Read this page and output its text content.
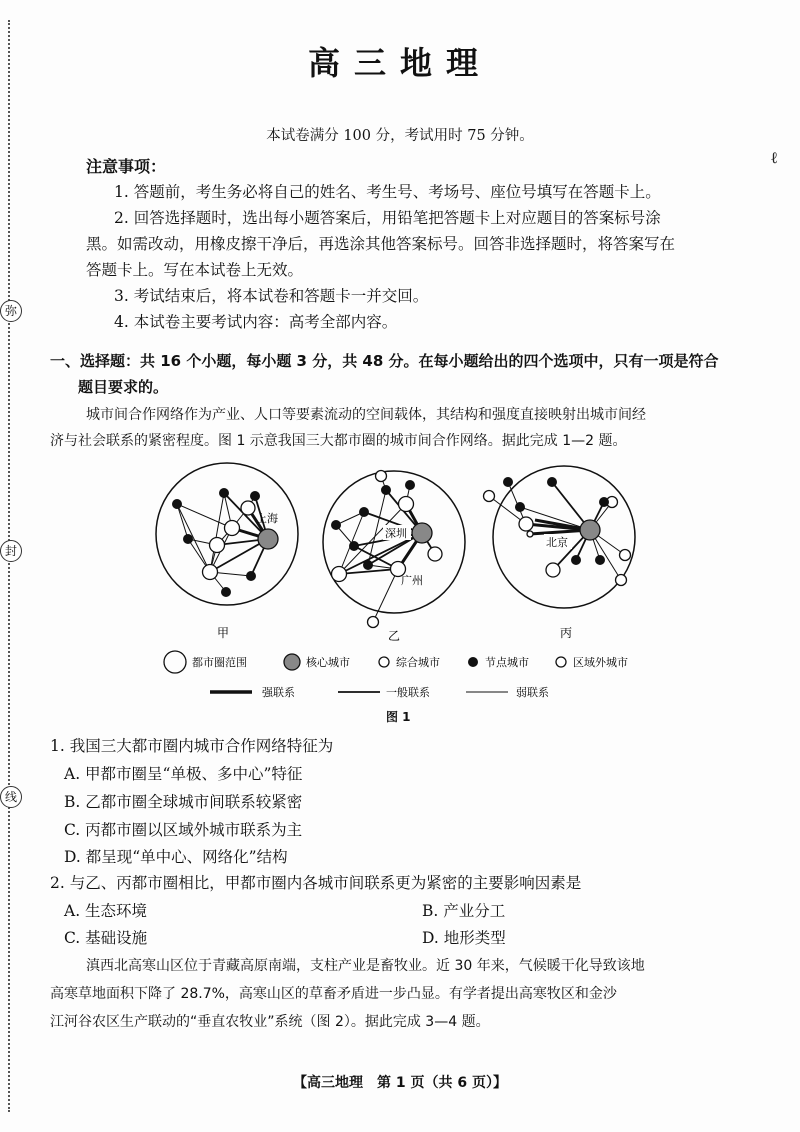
弥
封
线
高三地理
本试卷满分 100 分，考试用时 75 分钟。
ℓ
注意事项：
1. 答题前，考生务必将自己的姓名、考生号、考场号、座位号填写在答题卡上。
2. 回答选择题时，选出每小题答案后，用铅笔把答题卡上对应题目的答案标号涂
黑。如需改动，用橡皮擦干净后，再选涂其他答案标号。回答非选择题时，将答案写在
答题卡上。写在本试卷上无效。
3. 考试结束后，将本试卷和答题卡一并交回。
4. 本试卷主要考试内容：高考全部内容。
一、选择题：共 16 个小题，每小题 3 分，共 48 分。在每小题给出的四个选项中，只有一项是符合
题目要求的。
城市间合作网络作为产业、人口等要素流动的空间载体，其结构和强度直接映射出城市间经
济与社会联系的紧密程度。图 1 示意我国三大都市圈的城市间合作网络。据此完成 1—2 题。
上海
甲
深圳
广州
乙
北京
丙
都市圈范围	核心城市	综合城市	节点城市	区域外城市
强联系	一般联系	弱联系
图 1
1. 我国三大都市圈内城市合作网络特征为
A. 甲都市圈呈“单极、多中心”特征
B. 乙都市圈全球城市间联系较紧密
C. 丙都市圈以区域外城市联系为主
D. 都呈现“单中心、网络化”结构
2. 与乙、丙都市圈相比，甲都市圈内各城市间联系更为紧密的主要影响因素是
A. 生态环境	B. 产业分工
C. 基础设施	D. 地形类型
滇西北高寒山区位于青藏高原南端，支柱产业是畜牧业。近 30 年来，气候暖干化导致该地
高寒草地面积下降了 28.7%，高寒山区的草畜矛盾进一步凸显。有学者提出高寒牧区和金沙
江河谷农区生产联动的“垂直农牧业”系统（图 2）。据此完成 3—4 题。
【高三地理　第 1 页（共 6 页）】
